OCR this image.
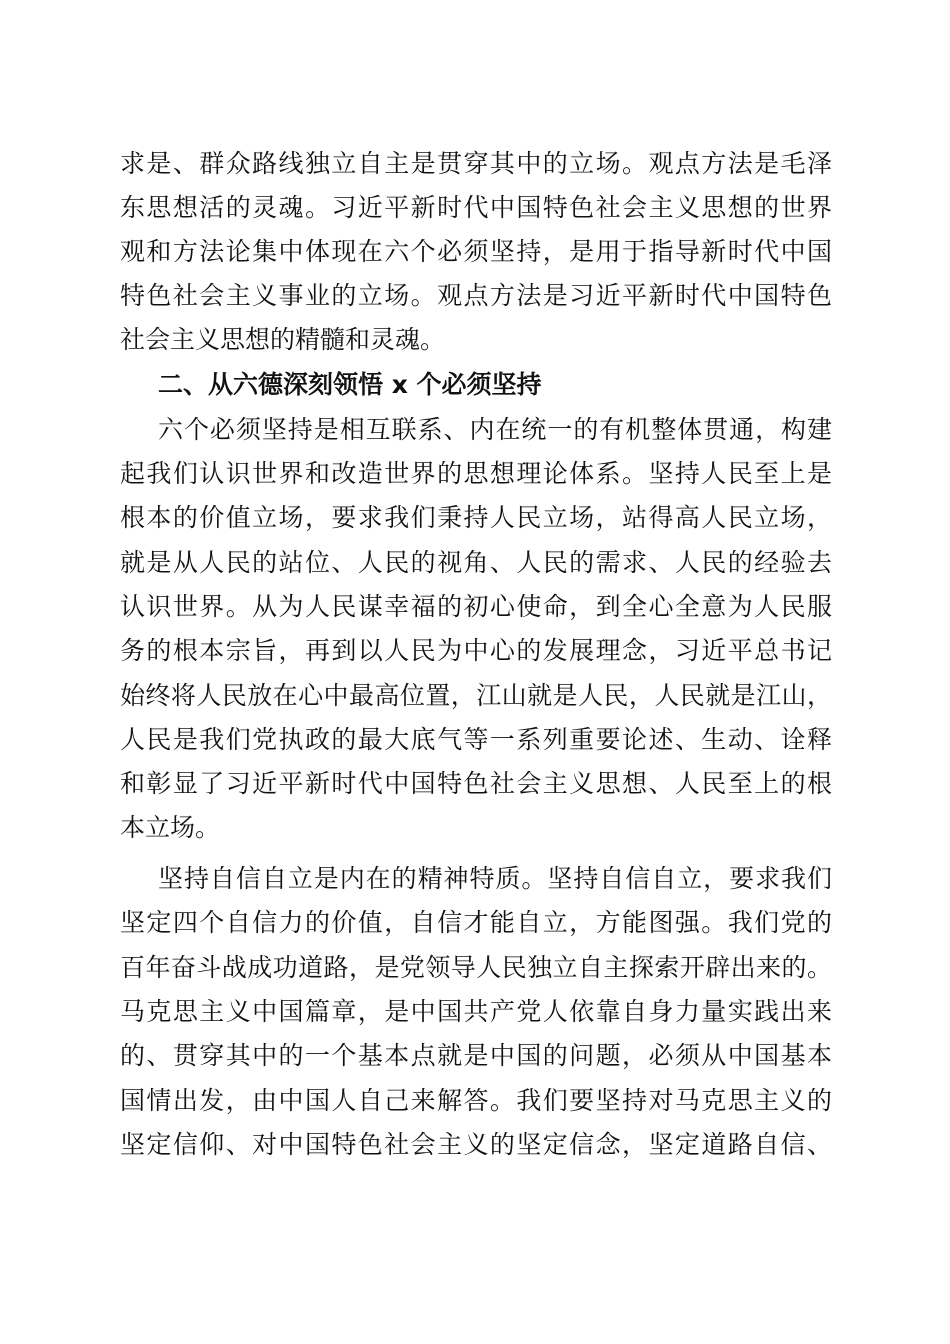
求是、群众路线独立自主是贯穿其中的立场。观点方法是毛泽
东思想活的灵魂。习近平新时代中国特色社会主义思想的世界
观和方法论集中体现在六个必须坚持，是用于指导新时代中国
特色社会主义事业的立场。观点方法是习近平新时代中国特色
社会主义思想的精髓和灵魂。
二、从六德深刻领悟 x 个必须坚持
六个必须坚持是相互联系、内在统一的有机整体贯通，构建
起我们认识世界和改造世界的思想理论体系。坚持人民至上是
根本的价值立场，要求我们秉持人民立场，站得高人民立场，
就是从人民的站位、人民的视角、人民的需求、人民的经验去
认识世界。从为人民谋幸福的初心使命，到全心全意为人民服
务的根本宗旨，再到以人民为中心的发展理念，习近平总书记
始终将人民放在心中最高位置，江山就是人民，人民就是江山，
人民是我们党执政的最大底气等一系列重要论述、生动、诠释
和彰显了习近平新时代中国特色社会主义思想、人民至上的根
本立场。
坚持自信自立是内在的精神特质。坚持自信自立，要求我们
坚定四个自信力的价值，自信才能自立，方能图强。我们党的
百年奋斗战成功道路，是党领导人民独立自主探索开辟出来的。
马克思主义中国篇章，是中国共产党人依靠自身力量实践出来
的、贯穿其中的一个基本点就是中国的问题，必须从中国基本
国情出发，由中国人自己来解答。我们要坚持对马克思主义的
坚定信仰、对中国特色社会主义的坚定信念，坚定道路自信、
